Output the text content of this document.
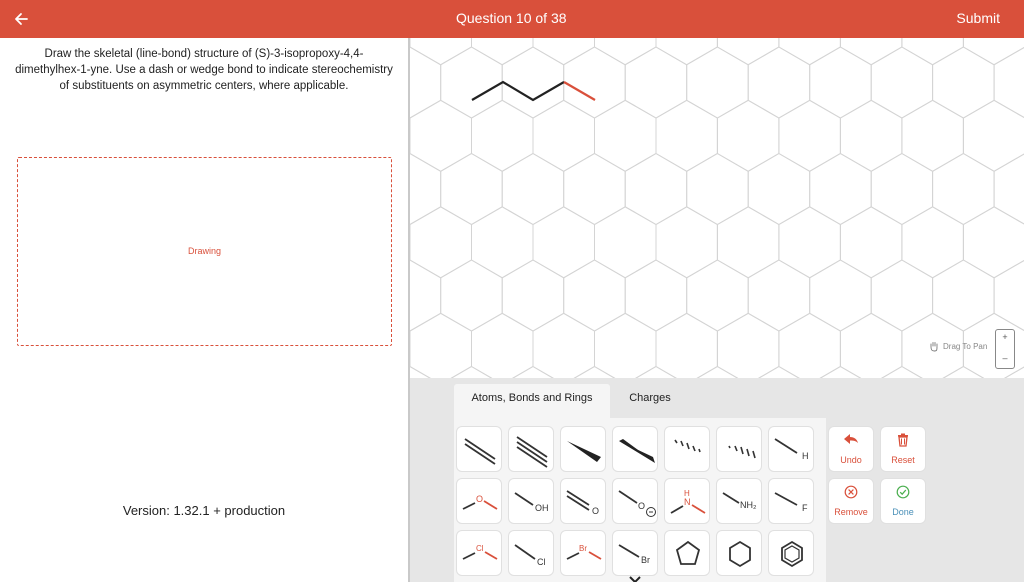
Question 10 of 38	Submit
Draw the skeletal (line-bond) structure of (S)-3-isopropoxy-4,4-dimethylhex-1-yne. Use a dash or wedge bond to indicate stereochemistry of substituents on asymmetric centers, where applicable.
Drawing
Version: 1.32.1 + production
Drag To Pan
+
–
Atoms, Bonds and Rings	Charges
H
O
OH	O	O
H
N	NH₂	F
Cl
Cl
Br
Br
Undo	Reset
Remove	Done
